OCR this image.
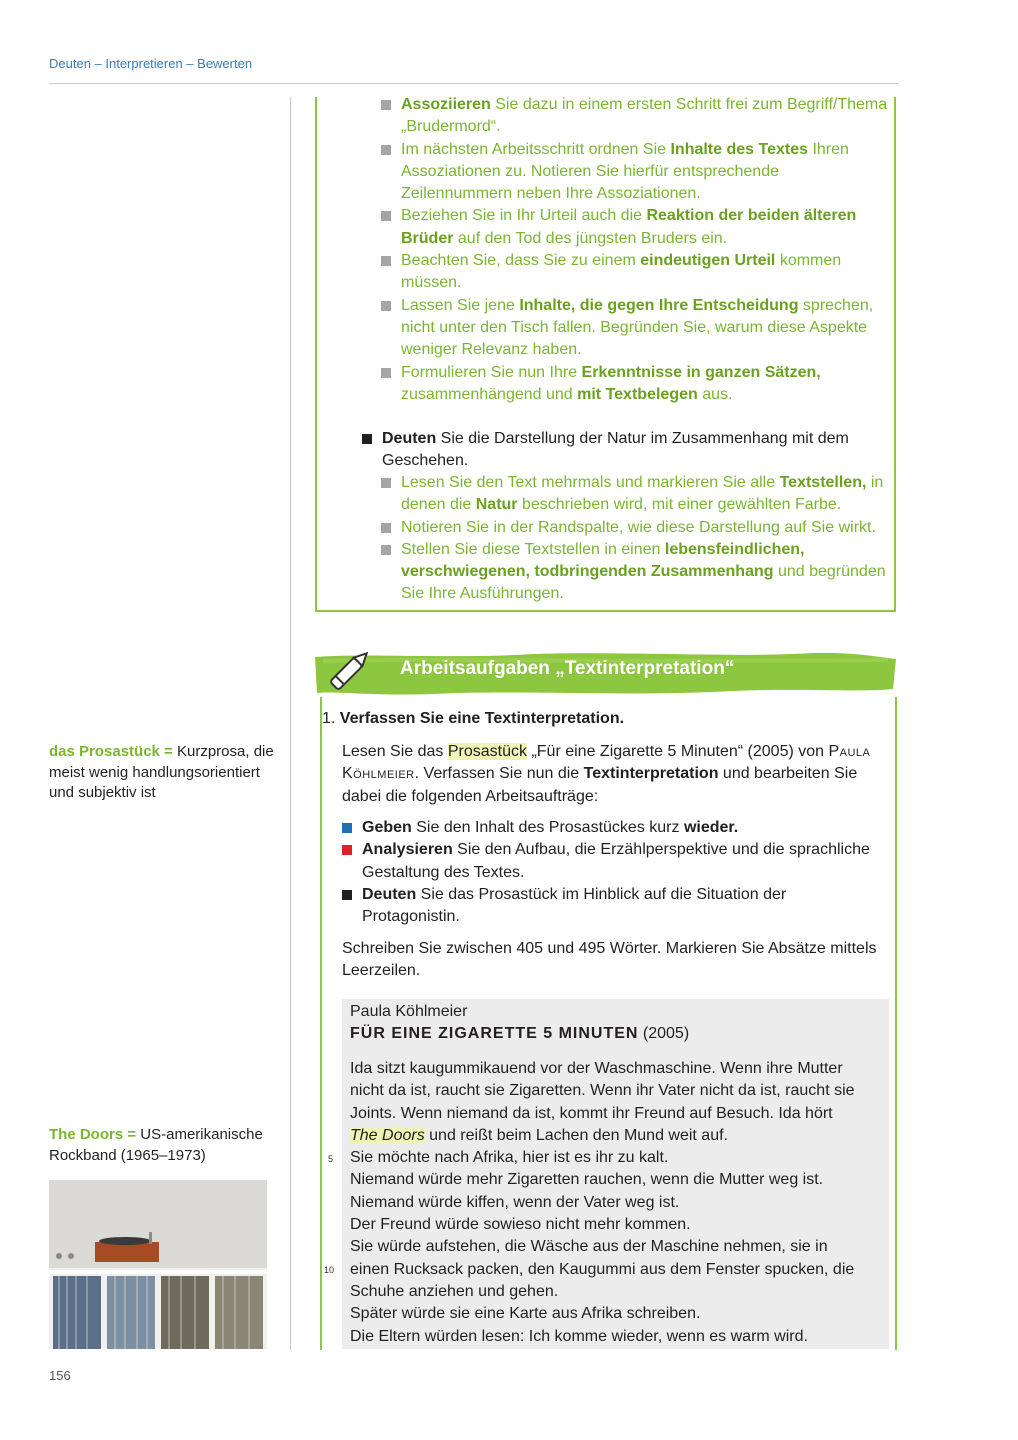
Deuten – Interpretieren – Bewerten
Assoziieren Sie dazu in einem ersten Schritt frei zum Begriff/Thema „Brudermord“.
Im nächsten Arbeitsschritt ordnen Sie Inhalte des Textes Ihren Assoziationen zu. Notieren Sie hierfür entsprechende Zeilennummern neben Ihre Assoziationen.
Beziehen Sie in Ihr Urteil auch die Reaktion der beiden älteren Brüder auf den Tod des jüngsten Bruders ein.
Beachten Sie, dass Sie zu einem eindeutigen Urteil kommen müssen.
Lassen Sie jene Inhalte, die gegen Ihre Entscheidung sprechen, nicht unter den Tisch fallen. Begründen Sie, warum diese Aspekte weniger Relevanz haben.
Formulieren Sie nun Ihre Erkenntnisse in ganzen Sätzen, zusammenhängend und mit Textbelegen aus.
Deuten Sie die Darstellung der Natur im Zusammenhang mit dem Geschehen.
Lesen Sie den Text mehrmals und markieren Sie alle Textstellen, in denen die Natur beschrieben wird, mit einer gewählten Farbe.
Notieren Sie in der Randspalte, wie diese Darstellung auf Sie wirkt.
Stellen Sie diese Textstellen in einen lebensfeindlichen, verschwiegenen, todbringenden Zusammenhang und begründen Sie Ihre Ausführungen.
Arbeitsaufgaben „Textinterpretation“
1. Verfassen Sie eine Textinterpretation.
Lesen Sie das Prosastück „Für eine Zigarette 5 Minuten“ (2005) von Paula Köhlmeier. Verfassen Sie nun die Textinterpretation und bearbeiten Sie dabei die folgenden Arbeitsaufträge:
Geben Sie den Inhalt des Prosastückes kurz wieder.
Analysieren Sie den Aufbau, die Erzählperspektive und die sprachliche Gestaltung des Textes.
Deuten Sie das Prosastück im Hinblick auf die Situation der Protagonistin.
Schreiben Sie zwischen 405 und 495 Wörter. Markieren Sie Absätze mittels Leerzeilen.
Paula Köhlmeier
FÜR EINE ZIGARETTE 5 MINUTEN (2005)
Ida sitzt kaugummikauend vor der Waschmaschine. Wenn ihre Mutter
nicht da ist, raucht sie Zigaretten. Wenn ihr Vater nicht da ist, raucht sie
Joints. Wenn niemand da ist, kommt ihr Freund auf Besuch. Ida hört
The Doors und reißt beim Lachen den Mund weit auf.
Sie möchte nach Afrika, hier ist es ihr zu kalt.
Niemand würde mehr Zigaretten rauchen, wenn die Mutter weg ist.
Niemand würde kiffen, wenn der Vater weg ist.
Der Freund würde sowieso nicht mehr kommen.
Sie würde aufstehen, die Wäsche aus der Maschine nehmen, sie in
einen Rucksack packen, den Kaugummi aus dem Fenster spucken, die
Schuhe anziehen und gehen.
Später würde sie eine Karte aus Afrika schreiben.
Die Eltern würden lesen: Ich komme wieder, wenn es warm wird.
5
10
das Prosastück = Kurzprosa, die meist wenig handlungsorientiert und subjektiv ist
The Doors = US-amerikanische Rockband (1965–1973)
156
